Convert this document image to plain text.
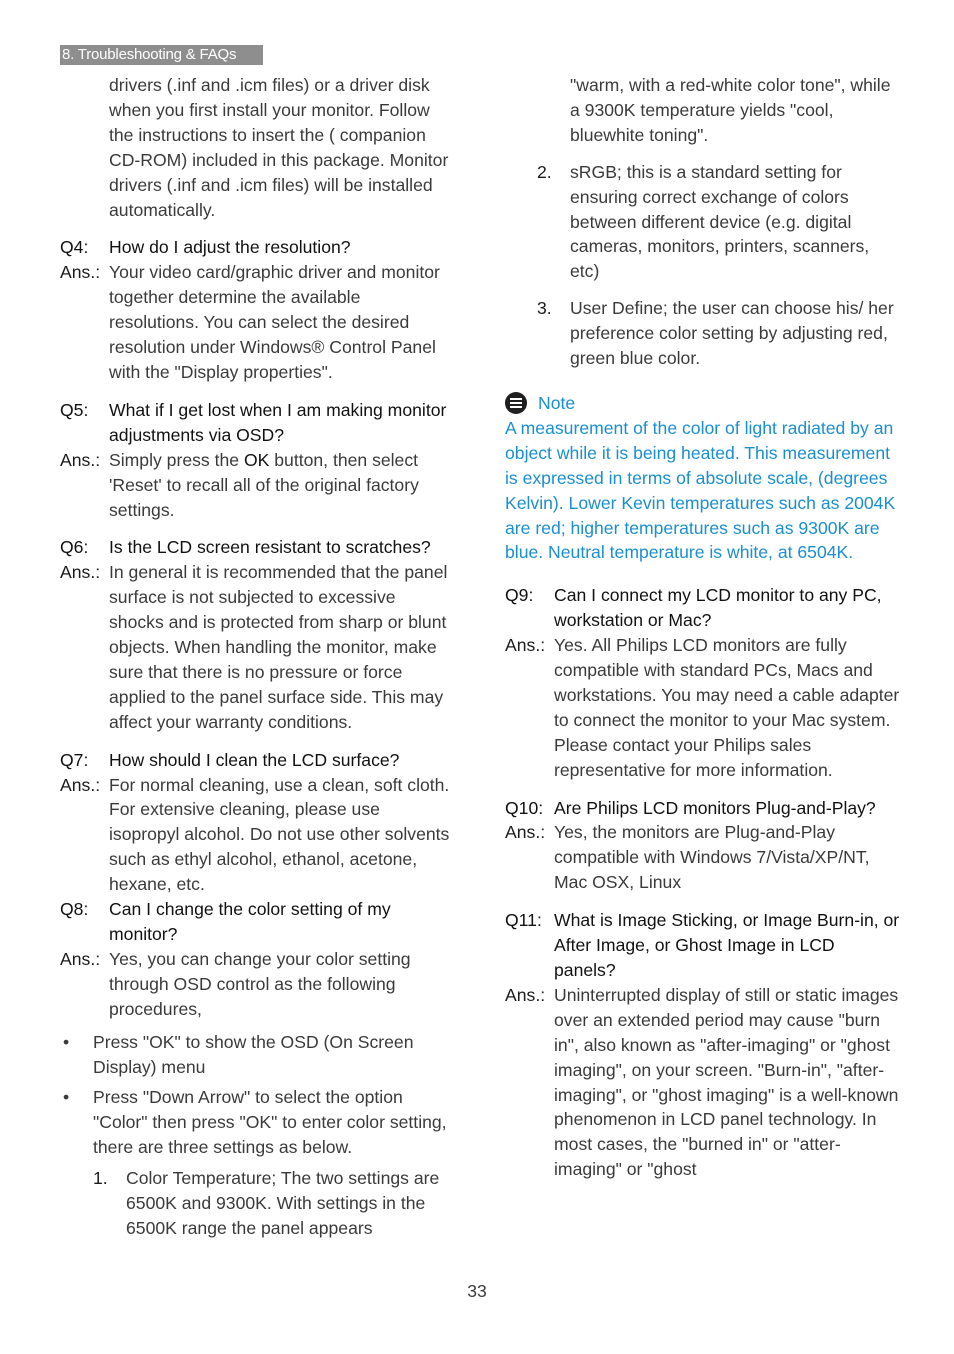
8. Troubleshooting & FAQs

drivers (.inf and .icm files) or a driver disk when you first install your monitor. Follow the instructions to insert the ( companion CD-ROM) included in this package. Monitor drivers (.inf and .icm files) will be installed automatically.

Q4:	How do I adjust the resolution?
Ans.: Your video card/graphic driver and monitor together determine the available resolutions. You can select the desired resolution under Windows® Control Panel with the "Display properties".
Q5:	What if I get lost when I am making monitor adjustments via OSD?
Ans.: Simply press the OK button, then select 'Reset' to recall all of the original factory settings.
Q6:	Is the LCD screen resistant to scratches?
Ans.: In general it is recommended that the panel surface is not subjected to excessive shocks and is protected from sharp or blunt objects. When handling the monitor, make sure that there is no pressure or force applied to the panel surface side. This may affect your warranty conditions.
Q7:	How should I clean the LCD surface?
Ans.: For normal cleaning, use a clean, soft cloth. For extensive cleaning, please use isopropyl alcohol. Do not use other solvents such as ethyl alcohol, ethanol, acetone, hexane, etc.
Q8:	Can I change the color setting of my monitor?
Ans.: Yes, you can change your color setting through OSD control as the following procedures,
•	Press "OK" to show the OSD (On Screen Display) menu
•	Press "Down Arrow" to select the option "Color" then press "OK" to enter color setting, there are three settings as below.
1.	Color Temperature; The two settings are 6500K and 9300K. With settings in the 6500K range the panel appears

"warm, with a red-white color tone", while a 9300K temperature yields "cool, bluewhite toning".

2.	sRGB; this is a standard setting for ensuring correct exchange of colors between different device (e.g. digital cameras, monitors, printers, scanners, etc)
3.	User Define; the user can choose his/ her preference color setting by adjusting red, green blue color.
Note

A measurement of the color of light radiated by an object while it is being heated. This measurement is expressed in terms of absolute scale, (degrees Kelvin). Lower Kevin temperatures such as 2004K are red; higher temperatures such as 9300K are blue. Neutral temperature is white, at 6504K.

Q9:	Can I connect my LCD monitor to any PC, workstation or Mac?
Ans.: Yes. All Philips LCD monitors are fully compatible with standard PCs, Macs and workstations. You may need a cable adapter to connect the monitor to your Mac system. Please contact your Philips sales representative for more information.
Q10: Are Philips LCD monitors Plug-and-Play?
Ans.: Yes, the monitors are Plug-and-Play compatible with Windows 7/Vista/XP/NT, Mac OSX, Linux
Q11: What is Image Sticking, or Image Burn-in, or After Image, or Ghost Image in LCD panels?
Ans.: Uninterrupted display of still or static images over an extended period may cause "burn in", also known as "after-imaging" or "ghost imaging", on your screen. "Burn-in", "after-imaging", or "ghost imaging" is a well-known phenomenon in LCD panel technology. In most cases, the "burned in" or "atter-imaging" or "ghost
33
